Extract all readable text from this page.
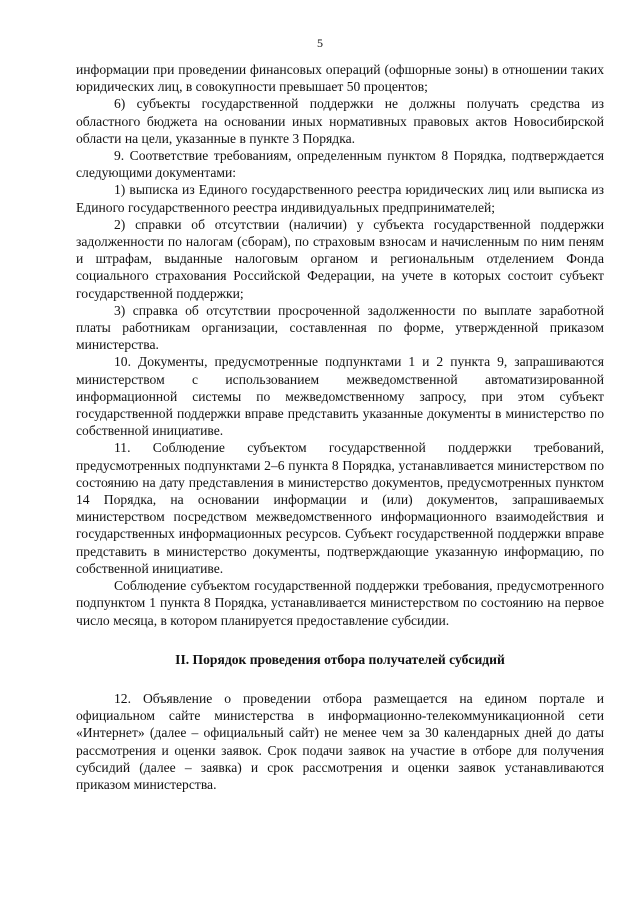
5

информации при проведении финансовых операций (офшорные зоны) в отношении таких юридических лиц, в совокупности превышает 50 процентов;

6) субъекты государственной поддержки не должны получать средства из областного бюджета на основании иных нормативных правовых актов Новосибирской области на цели, указанные в пункте 3 Порядка.

9. Соответствие требованиям, определенным пунктом 8 Порядка, подтверждается следующими документами:

1) выписка из Единого государственного реестра юридических лиц или выписка из Единого государственного реестра индивидуальных предпринимателей;

2) справки об отсутствии (наличии) у субъекта государственной поддержки задолженности по налогам (сборам), по страховым взносам и начисленным по ним пеням и штрафам, выданные налоговым органом и региональным отделением Фонда социального страхования Российской Федерации, на учете в которых состоит субъект государственной поддержки;

3) справка об отсутствии просроченной задолженности по выплате заработной платы работникам организации, составленная по форме, утвержденной приказом министерства.

10. Документы, предусмотренные подпунктами 1 и 2 пункта 9, запрашиваются министерством с использованием межведомственной автоматизированной информационной системы по межведомственному запросу, при этом субъект государственной поддержки вправе представить указанные документы в министерство по собственной инициативе.

11. Соблюдение субъектом государственной поддержки требований, предусмотренных подпунктами 2–6 пункта 8 Порядка, устанавливается министерством по состоянию на дату представления в министерство документов, предусмотренных пунктом 14 Порядка, на основании информации и (или) документов, запрашиваемых министерством посредством межведомственного информационного взаимодействия и государственных информационных ресурсов. Субъект государственной поддержки вправе представить в министерство документы, подтверждающие указанную информацию, по собственной инициативе.

Соблюдение субъектом государственной поддержки требования, предусмотренного подпунктом 1 пункта 8 Порядка, устанавливается министерством по состоянию на первое число месяца, в котором планируется предоставление субсидии.

II. Порядок проведения отбора получателей субсидий

12. Объявление о проведении отбора размещается на едином портале и официальном сайте министерства в информационно-телекоммуникационной сети «Интернет» (далее – официальный сайт) не менее чем за 30 календарных дней до даты рассмотрения и оценки заявок. Срок подачи заявок на участие в отборе для получения субсидий (далее – заявка) и срок рассмотрения и оценки заявок устанавливаются приказом министерства.
